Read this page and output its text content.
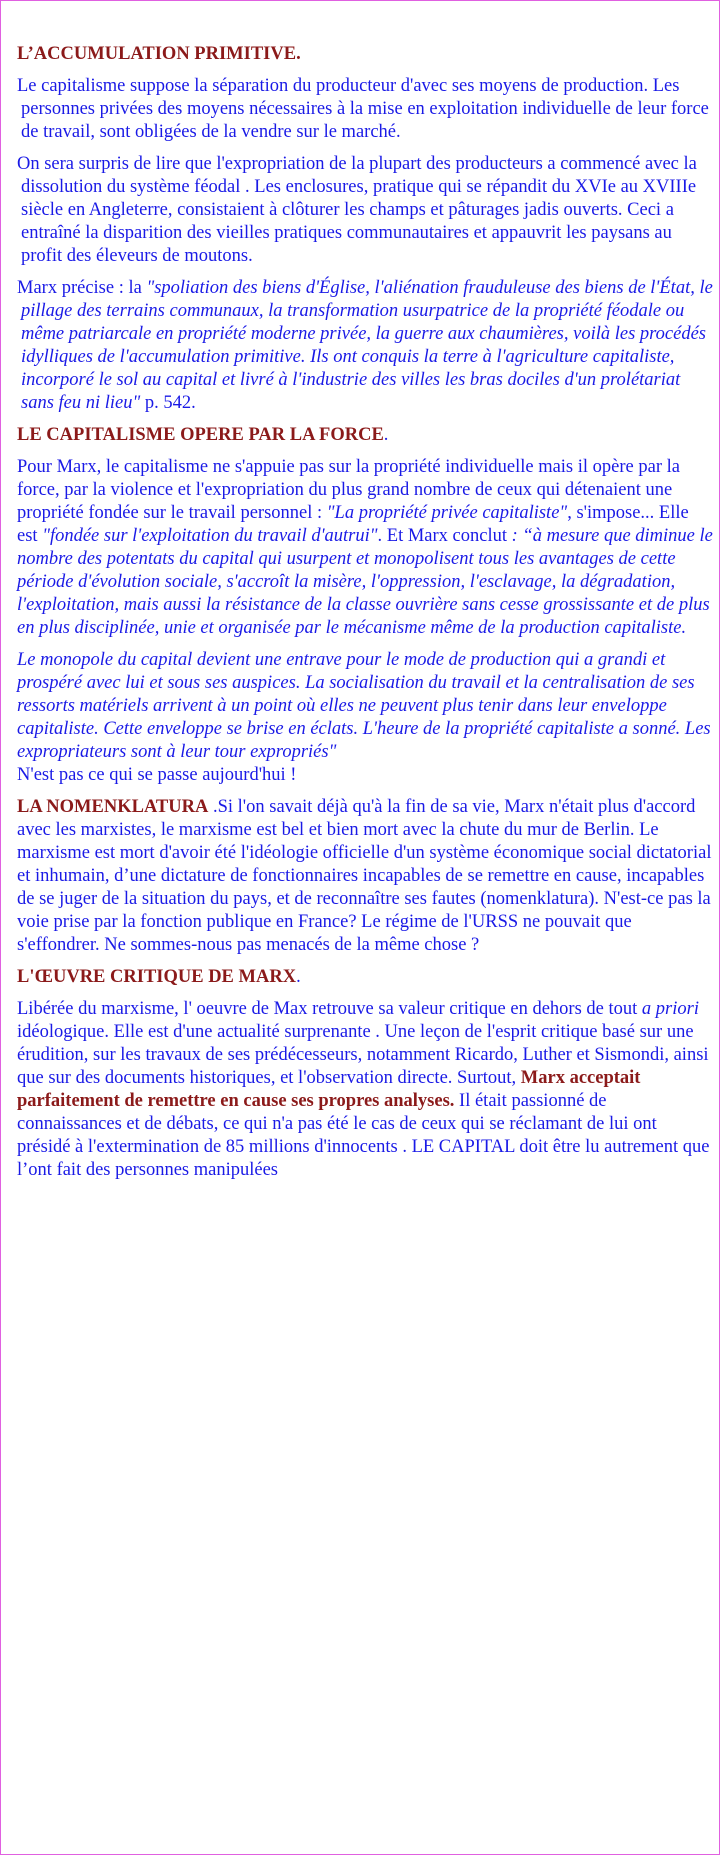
L’ACCUMULATION PRIMITIVE.

Le capitalisme suppose la séparation du producteur d'avec ses moyens de production. Les personnes privées des moyens nécessaires à la mise en exploitation individuelle de leur force de travail, sont obligées de la vendre sur le marché.

On sera surpris de lire que l'expropriation de la plupart des producteurs a commencé avec la dissolution du système féodal . Les enclosures, pratique qui se répandit du XVIe au XVIIIe siècle en Angleterre, consistaient à clôturer les champs et pâturages jadis ouverts. Ceci a entraîné la disparition des vieilles pratiques communautaires et appauvrit les paysans au profit des éleveurs de moutons.

Marx précise : la "spoliation des biens d'Église, l'aliénation frauduleuse des biens de l'État, le pillage des terrains communaux, la transformation usurpatrice de la propriété féodale ou même patriarcale en propriété moderne privée, la guerre aux chaumières, voilà les procédés idylliques de l'accumulation primitive. Ils ont conquis la terre à l'agriculture capitaliste, incorporé le sol au capital et livré à l'industrie des villes les bras dociles d'un prolétariat sans feu ni lieu" p. 542.

LE CAPITALISME OPERE PAR LA FORCE.

Pour Marx, le capitalisme ne s'appuie pas sur la propriété individuelle mais il opère par la force, par la violence et l'expropriation du plus grand nombre de ceux qui détenaient une propriété fondée sur le travail personnel : "La propriété privée capitaliste", s'impose... Elle est "fondée sur l'exploitation du travail d'autrui". Et Marx conclut : “à mesure que diminue le nombre des potentats du capital qui usurpent et monopolisent tous les avantages de cette période d'évolution sociale, s'accroît la misère, l'oppression, l'esclavage, la dégradation, l'exploitation, mais aussi la résistance de la classe ouvrière sans cesse grossissante et de plus en plus disciplinée, unie et organisée par le mécanisme même de la production capitaliste.

Le monopole du capital devient une entrave pour le mode de production qui a grandi et prospéré avec lui et sous ses auspices. La socialisation du travail et la centralisation de ses ressorts matériels arrivent à un point où elles ne peuvent plus tenir dans leur enveloppe capitaliste. Cette enveloppe se brise en éclats. L'heure de la propriété capitaliste a sonné. Les expropriateurs sont à leur tour expropriés"
N'est pas ce qui se passe aujourd'hui !

LA NOMENKLATURA .Si l'on savait déjà qu'à la fin de sa vie, Marx n'était plus d'accord avec les marxistes, le marxisme est bel et bien mort avec la chute du mur de Berlin. Le marxisme est mort d'avoir été l'idéologie officielle d'un système économique social dictatorial et inhumain, d’une dictature de fonctionnaires incapables de se remettre en cause, incapables de se juger de la situation du pays, et de reconnaître ses fautes (nomenklatura). N'est-ce pas la voie prise par la fonction publique en France? Le régime de l'URSS ne pouvait que s'effondrer. Ne sommes-nous pas menacés de la même chose ?

L'ŒUVRE CRITIQUE DE MARX.

Libérée du marxisme, l' oeuvre de Max retrouve sa valeur critique en dehors de tout a priori idéologique. Elle est d'une actualité surprenante . Une leçon de l'esprit critique basé sur une érudition, sur les travaux de ses prédécesseurs, notamment Ricardo, Luther et Sismondi, ainsi que sur des documents historiques, et l'observation directe. Surtout, Marx acceptait parfaitement de remettre en cause ses propres analyses. Il était passionné de connaissances et de débats, ce qui n'a pas été le cas de ceux qui se réclamant de lui ont présidé à l'extermination de 85 millions d'innocents . LE CAPITAL doit être lu autrement que l’ont fait des personnes manipulées
